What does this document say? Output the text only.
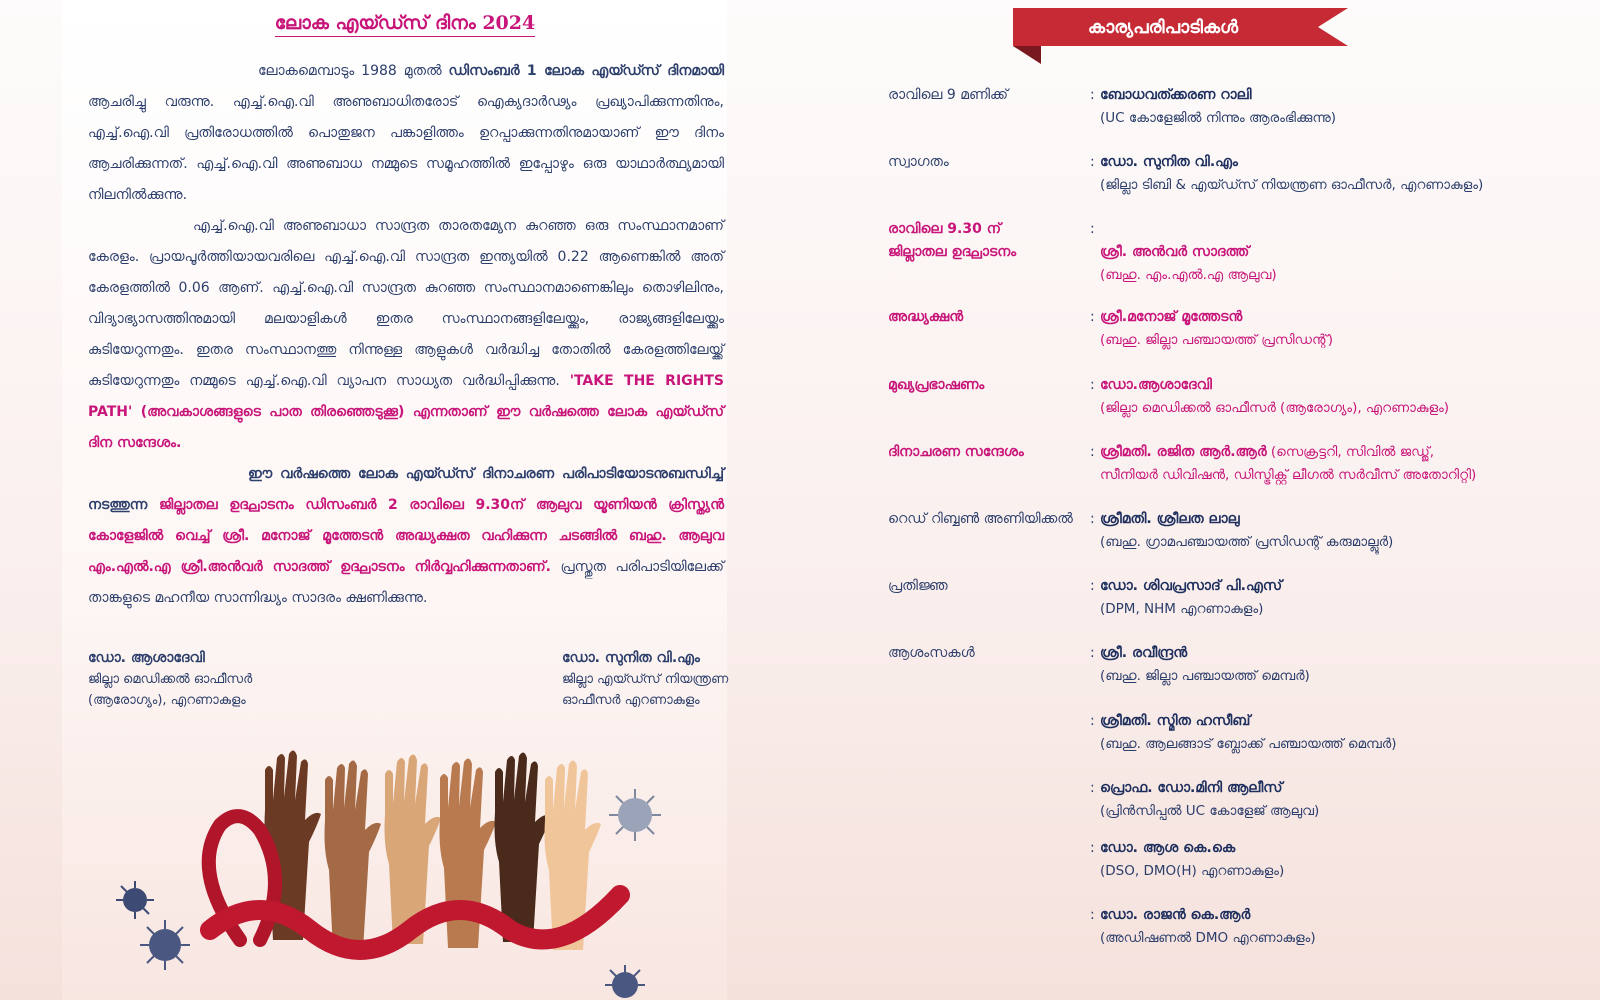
ലോക എയ്ഡ്സ് ദിനം 2024

ലോകമെമ്പാടും 1988 മുതൽ ഡിസംബർ 1 ലോക എയ്ഡ്സ് ദിനമായി ആചരിച്ചു വരുന്നു. എച്ച്.ഐ.വി അണുബാധിതരോട് ഐക്യദാർഢ്യം പ്രഖ്യാപിക്കുന്നതിനും, എച്ച്.ഐ.വി പ്രതിരോധത്തിൽ പൊതുജന പങ്കാളിത്തം ഉറപ്പാക്കുന്നതിനുമായാണ് ഈ ദിനം ആചരിക്കുന്നത്. എച്ച്.ഐ.വി അണുബാധ നമ്മുടെ സമൂഹത്തിൽ ഇപ്പോഴും ഒരു യാഥാർത്ഥ്യമായി നിലനിൽക്കുന്നു.

എച്ച്.ഐ.വി അണുബാധാ സാന്ദ്രത താരതമ്യേന കുറഞ്ഞ ഒരു സംസ്ഥാനമാണ് കേരളം. പ്രായപൂർത്തിയായവരിലെ എച്ച്.ഐ.വി സാന്ദ്രത ഇന്ത്യയിൽ 0.22 ആണെങ്കിൽ അത് കേരളത്തിൽ 0.06 ആണ്. എച്ച്.ഐ.വി സാന്ദ്രത കുറഞ്ഞ സംസ്ഥാനമാണെങ്കിലും തൊഴിലിനും, വിദ്യാഭ്യാസത്തിനുമായി മലയാളികൾ ഇതര സംസ്ഥാനങ്ങളിലേയ്ക്കും, രാജ്യങ്ങളിലേയ്ക്കും കുടിയേറുന്നതും. ഇതര സംസ്ഥാനത്തു നിന്നുള്ള ആളുകൾ വർദ്ധിച്ച തോതിൽ കേരളത്തിലേയ്ക്ക് കുടിയേറുന്നതും നമ്മുടെ എച്ച്.ഐ.വി വ്യാപന സാധ്യത വർദ്ധിപ്പിക്കുന്നു. 'TAKE THE RIGHTS PATH' (അവകാശങ്ങളുടെ പാത തിരഞ്ഞെടുക്കൂ) എന്നതാണ് ഈ വർഷത്തെ ലോക എയ്ഡ്സ് ദിന സന്ദേശം.

ഈ വർഷത്തെ ലോക എയ്ഡ്സ് ദിനാചരണ പരിപാടിയോടനുബന്ധിച്ച് നടത്തുന്ന ജില്ലാതല ഉദ്ഘാടനം ഡിസംബർ 2 രാവിലെ 9.30ന് ആലുവ യൂണിയൻ ക്രിസ്ത്യൻ കോളേജിൽ വെച്ച് ശ്രീ. മനോജ് മൂത്തേടൻ അദ്ധ്യക്ഷത വഹിക്കുന്ന ചടങ്ങിൽ ബഹു. ആലുവ എം.എൽ.എ ശ്രീ.അൻവർ സാദത്ത് ഉദ്ഘാടനം നിർവ്വഹിക്കുന്നതാണ്. പ്രസ്തുത പരിപാടിയിലേക്ക് താങ്കളുടെ മഹനീയ സാന്നിദ്ധ്യം സാദരം ക്ഷണിക്കുന്നു.

ഡോ. ആശാദേവി
ജില്ലാ മെഡിക്കൽ ഓഫീസർ
(ആരോഗ്യം), എറണാകുളം
ഡോ. സുനിത വി.എം
ജില്ലാ എയ്ഡ്സ് നിയന്ത്രണ
ഓഫീസർ എറണാകുളം
കാര്യപരിപാടികൾ
രാവിലെ 9 മണിക്ക്	: ബോധവത്ക്കരണ റാലി
(UC കോളേജിൽ നിന്നും ആരംഭിക്കുന്നു)
സ്വാഗതം	: ഡോ. സുനിത വി.എം
(ജില്ലാ ടിബി & എയ്ഡ്സ് നിയന്ത്രണ ഓഫീസർ, എറണാകുളം)
രാവിലെ 9.30 ന്
ജില്ലാതല ഉദ്ഘാടനം
:
ശ്രീ. അൻവർ സാദത്ത്
(ബഹു. എം.എൽ.എ ആലുവ)
അദ്ധ്യക്ഷൻ	: ശ്രീ.മനോജ് മൂത്തേടൻ
(ബഹു. ജില്ലാ പഞ്ചായത്ത് പ്രസിഡന്റ്)
മുഖ്യപ്രഭാഷണം	: ഡോ.ആശാദേവി
(ജില്ലാ മെഡിക്കൽ ഓഫീസർ (ആരോഗ്യം), എറണാകുളം)
ദിനാചരണ സന്ദേശം	: ശ്രീമതി. രജിത ആർ.ആർ (സെക്രട്ടറി, സിവിൽ ജഡ്ജ്,
സീനിയർ ഡിവിഷൻ, ഡിസ്ട്രിക്റ്റ് ലീഗൽ സർവീസ് അതോറിറ്റി)
റെഡ് റിബ്ബൺ അണിയിക്കൽ	: ശ്രീമതി. ശ്രീലത ലാലു
(ബഹു. ഗ്രാമപഞ്ചായത്ത് പ്രസിഡന്റ് കരുമാല്ലൂർ)
പ്രതിജ്ഞ	: ഡോ. ശിവപ്രസാദ് പി.എസ്
(DPM, NHM എറണാകുളം)
ആശംസകൾ	: ശ്രീ. രവീന്ദ്രൻ
(ബഹു. ജില്ലാ പഞ്ചായത്ത് മെമ്പർ)
: ശ്രീമതി. സ്മിത ഹസീബ്
(ബഹു. ആലങ്ങാട് ബ്ലോക്ക് പഞ്ചായത്ത് മെമ്പർ)
: പ്രൊഫ. ഡോ.മിനി ആലീസ്
(പ്രിൻസിപ്പൽ UC കോളേജ് ആലുവ)
: ഡോ. ആശ കെ.കെ
(DSO, DMO(H) എറണാകുളം)
: ഡോ. രാജൻ കെ.ആർ
(അഡിഷണൽ DMO എറണാകുളം)
